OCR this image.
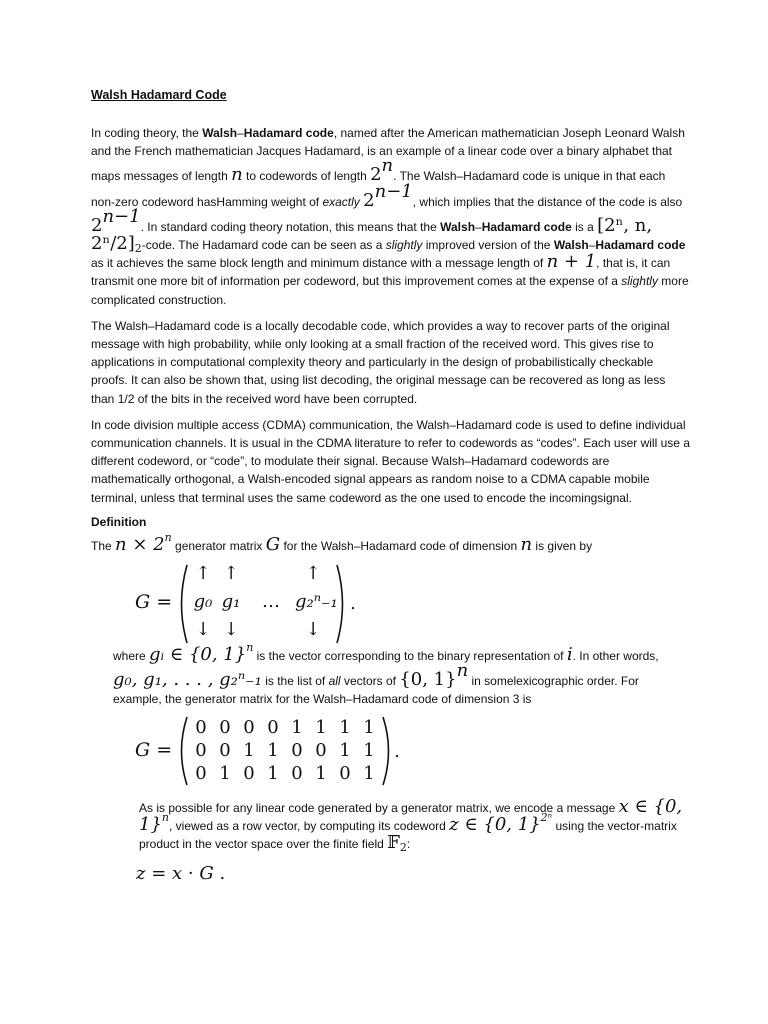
Walsh Hadamard Code

In coding theory, the Walsh–Hadamard code, named after the American mathematician Joseph Leonard Walsh and the French mathematician Jacques Hadamard, is an example of a linear code over a binary alphabet that maps messages of length n to codewords of length 2$^n$. The Walsh–Hadamard code is unique in that each non-zero codeword hasHamming weight of exactly $2^{n-1}$, which implies that the distance of the code is also $2^{n-1}$. In standard coding theory notation, this means that the Walsh–Hadamard code is a [2ⁿ, n, $2^n/2]_2$-code. The Hadamard code can be seen as a slightly improved version of the Walsh–Hadamard code as it achieves the same block length and minimum distance with a message length of n + 1, that is, it can transmit one more bit of information per codeword, but this improvement comes at the expense of a slightly more complicated construction.

The Walsh–Hadamard code is a locally decodable code, which provides a way to recover parts of the original message with high probability, while only looking at a small fraction of the received word. This gives rise to applications in computational complexity theory and particularly in the design of probabilistically checkable proofs. It can also be shown that, using list decoding, the original message can be recovered as long as less than 1/2 of the bits in the received word have been corrupted.

In code division multiple access (CDMA) communication, the Walsh–Hadamard code is used to define individual communication channels. It is usual in the CDMA literature to refer to codewords as “codes”. Each user will use a different codeword, or “code”, to modulate their signal. Because Walsh–Hadamard codewords are mathematically orthogonal, a Walsh-encoded signal appears as random noise to a CDMA capable mobile terminal, unless that terminal uses the same codeword as the one used to encode the incomingsignal.

Definition

The $n \times 2^n$ generator matrix G for the Walsh–Hadamard code of dimension n is given by

G =
↑ ↑	↑
g₀ g₁ … g₂ⁿ₋₁
↓ ↓	↓
.

where gᵢ ∈ {0, 1}$^n$ is the vector corresponding to the binary representation of i. In other words, g₀, g₁, . . . , g₂ⁿ₋₁ is the list of all vectors of {0, 1}$^n$ in somelexicographic order. For example, the generator matrix for the Walsh–Hadamard code of dimension 3 is

G =
0 0 0 0 1 1 1 1
0 0 1 1 0 0 1 1
0 1 0 1 0 1 0 1
.

As is possible for any linear code generated by a generator matrix, we encode a message x ∈ {0, 1}$^n$, viewed as a row vector, by computing its codeword z ∈ {0, 1}$^{2^n}$ using the vector-matrix product in the vector space over the finite field 𝔽$_2$:

z = x · G .
